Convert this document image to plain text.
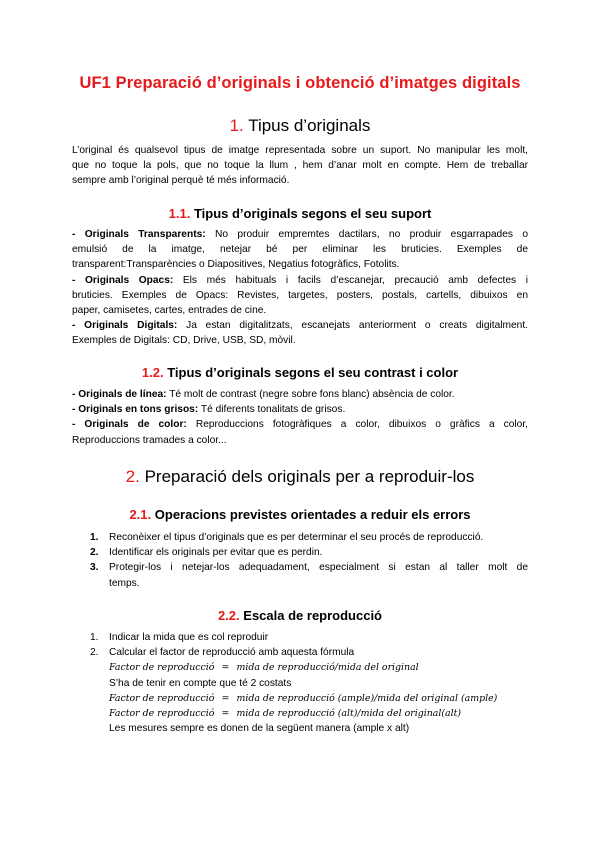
UF1 Preparació d’originals i obtenció d’imatges digitals
1. Tipus d’originals

L’original és qualsevol tipus de imatge representada sobre un suport. No manipular les molt,
que no toque la pols, que no toque la llum , hem d’anar molt en compte. Hem de treballar
sempre amb l’original perquè té més informació.

1.1. Tipus d’originals segons el seu suport
- Originals Transparents: No produir empremtes dactilars, no produir esgarrapades o
emulsió de la imatge, netejar bé per eliminar les bruticies. Exemples de
transparent:Transparències o Diapositives, Negatius fotogràfics, Fotolits.
- Originals Opacs: Els més habituals i facils d’escanejar, precaució amb defectes i
bruticies. Exemples de Opacs: Revistes, targetes, posters, postals, cartells, dibuixos en
paper, camisetes, cartes, entrades de cine.
- Originals Digitals: Ja estan digitalitzats, escanejats anteriorment o creats digitalment.
Exemples de Digitals: CD, Drive, USB, SD, mòvil.
1.2. Tipus d’originals segons el seu contrast i color
- Originals de línea: Té molt de contrast (negre sobre fons blanc) absència de color.
- Originals en tons grisos: Té diferents tonalitats de grisos.
- Originals de color: Reproduccions fotogràfiques a color, dibuixos o gràfics a color,
Reproduccions tramades a color...
2. Preparació dels originals per a reproduir-los
2.1. Operacions previstes orientades a reduir els errors
1. Reconèixer el tipus d’originals que es per determinar el seu procés de reproducció.
2. Identificar els originals per evitar que es perdin.
3. Protegir-los i netejar-los adequadament, especialment si estan al taller molt de
temps.
2.2. Escala de reproducció
1. Indicar la mida que es col reproduir
2. Calcular el factor de reproducció amb aquesta fórmula
Factor de reproducció = mida de reproducció/mida del original
S’ha de tenir en compte que té 2 costats
Factor de reproducció = mida de reproducció (ample)/mida del original (ample)
Factor de reproducció = mida de reproducció (alt)/mida del original(alt)
Les mesures sempre es donen de la següent manera (ample x alt)
